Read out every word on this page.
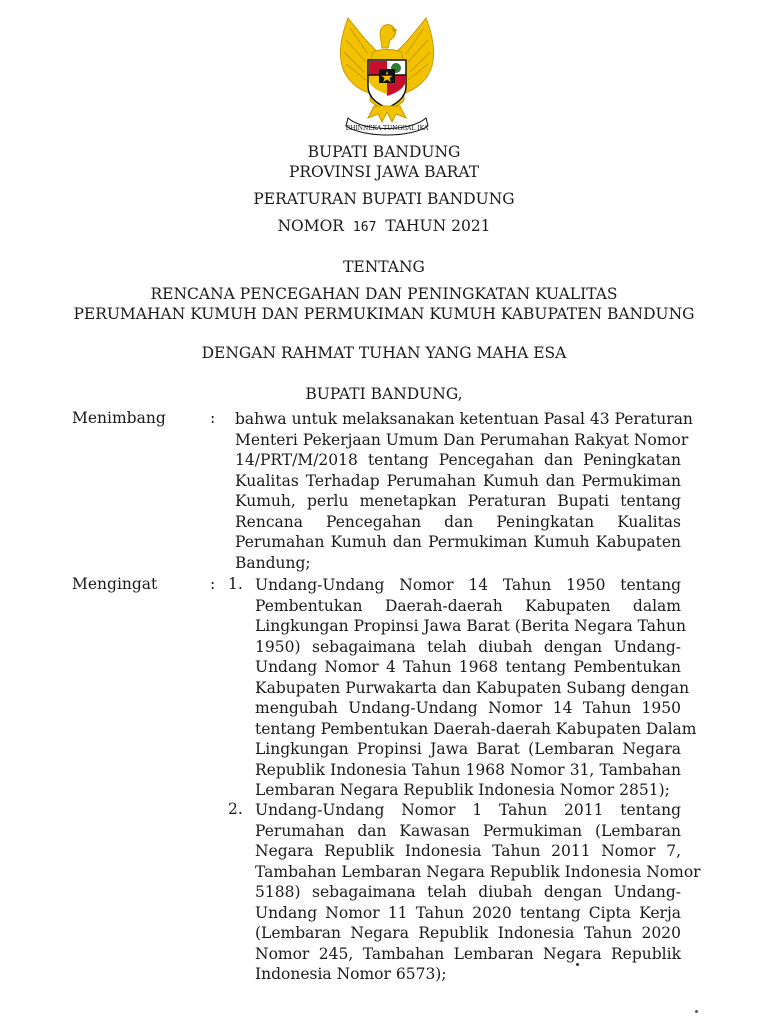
BHINNEKA TUNGGAL IKA
BUPATI BANDUNG
PROVINSI JAWA BARAT
PERATURAN BUPATI BANDUNG
NOMOR 167 TAHUN 2021
TENTANG
RENCANA PENCEGAHAN DAN PENINGKATAN KUALITAS
PERUMAHAN KUMUH DAN PERMUKIMAN KUMUH KABUPATEN BANDUNG
DENGAN RAHMAT TUHAN YANG MAHA ESA
BUPATI BANDUNG,
Menimbang	: bahwa untuk melaksanakan ketentuan Pasal 43 Peraturan
Menteri Pekerjaan Umum Dan Perumahan Rakyat Nomor
14/PRT/M/2018 tentang Pencegahan dan Peningkatan
Kualitas Terhadap Perumahan Kumuh dan Permukiman
Kumuh, perlu menetapkan Peraturan Bupati tentang
Rencana Pencegahan dan Peningkatan Kualitas
Perumahan Kumuh dan Permukiman Kumuh Kabupaten
Bandung;
Mengingat	: 1. Undang-Undang Nomor 14 Tahun 1950 tentang
Pembentukan Daerah-daerah Kabupaten dalam
Lingkungan Propinsi Jawa Barat (Berita Negara Tahun
1950) sebagaimana telah diubah dengan Undang-
Undang Nomor 4 Tahun 1968 tentang Pembentukan
Kabupaten Purwakarta dan Kabupaten Subang dengan
mengubah Undang-Undang Nomor 14 Tahun 1950
tentang Pembentukan Daerah-daerah Kabupaten Dalam
Lingkungan Propinsi Jawa Barat (Lembaran Negara
Republik Indonesia Tahun 1968 Nomor 31, Tambahan
Lembaran Negara Republik Indonesia Nomor 2851);
2. Undang-Undang Nomor 1 Tahun 2011 tentang
Perumahan dan Kawasan Permukiman (Lembaran
Negara Republik Indonesia Tahun 2011 Nomor 7,
Tambahan Lembaran Negara Republik Indonesia Nomor
5188) sebagaimana telah diubah dengan Undang-
Undang Nomor 11 Tahun 2020 tentang Cipta Kerja
(Lembaran Negara Republik Indonesia Tahun 2020
Nomor 245, Tambahan Lembaran Negara Republik
Indonesia Nomor 6573);
